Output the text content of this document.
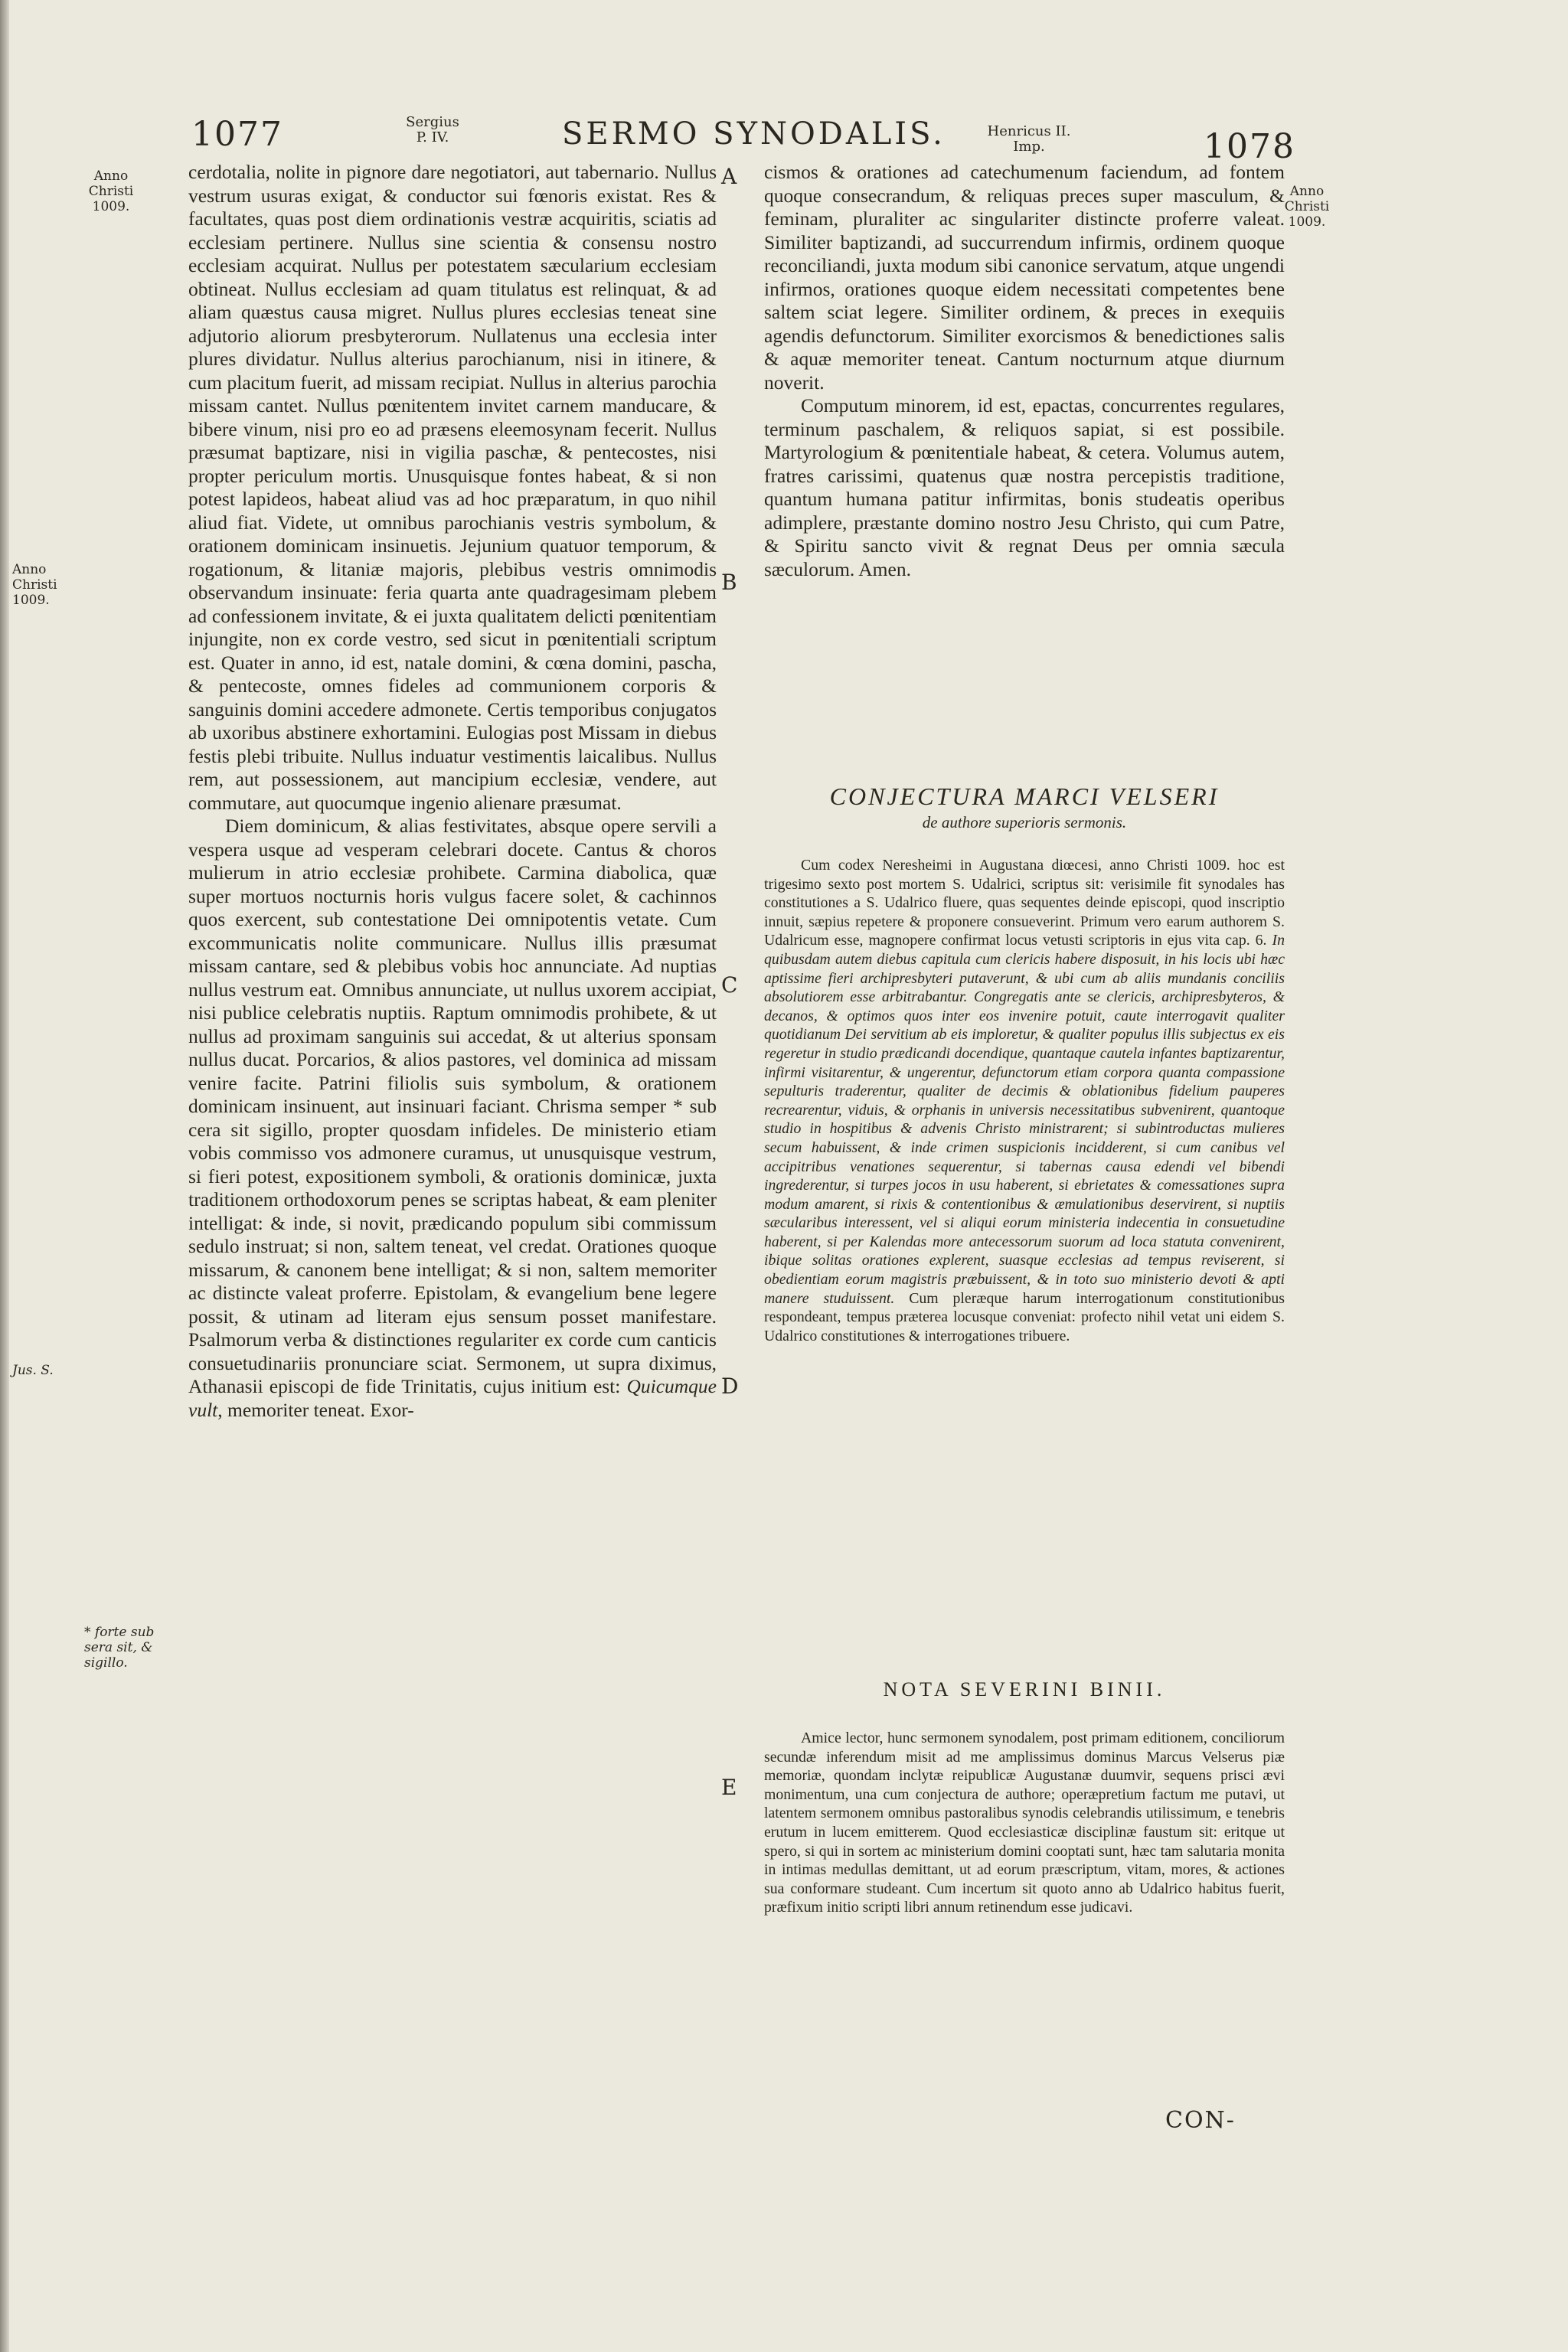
1077	Sergius
P. IV.	SERMO SYNODALIS.	Henricus II.
Imp.	1078
Anno
Christi
1009.
Anno
Christi
1009.
Anno
Christi
1009.
Jus. S.
* forte sub
sera sit, &
sigillo.
A
B
C
D
E

cerdotalia, nolite in pignore dare negotiatori, aut tabernario. Nullus vestrum usuras exigat, & conductor sui fœnoris existat. Res & facultates, quas post diem ordinationis vestræ acquiritis, sciatis ad ecclesiam pertinere. Nullus sine scientia & consensu nostro ecclesiam acquirat. Nullus per potestatem sæcularium ecclesiam obtineat. Nullus ecclesiam ad quam titulatus est relinquat, & ad aliam quæstus causa migret. Nullus plures ecclesias teneat sine adjutorio aliorum presbyterorum. Nullatenus una ecclesia inter plures dividatur. Nullus alterius parochianum, nisi in itinere, & cum placitum fuerit, ad missam recipiat. Nullus in alterius parochia missam cantet. Nullus pœnitentem invitet carnem manducare, & bibere vinum, nisi pro eo ad præsens eleemosynam fecerit. Nullus præsumat baptizare, nisi in vigilia paschæ, & pentecostes, nisi propter periculum mortis. Unusquisque fontes habeat, & si non potest lapideos, habeat aliud vas ad hoc præparatum, in quo nihil aliud fiat. Videte, ut omnibus parochianis vestris symbolum, & orationem dominicam insinuetis. Jejunium quatuor temporum, & rogationum, & litaniæ majoris, plebibus vestris omnimodis observandum insinuate: feria quarta ante quadragesimam plebem ad confessionem invitate, & ei juxta qualitatem delicti pœnitentiam injungite, non ex corde vestro, sed sicut in pœnitentiali scriptum est. Quater in anno, id est, natale domini, & cœna domini, pascha, & pentecoste, omnes fideles ad communionem corporis & sanguinis domini accedere admonete. Certis temporibus conjugatos ab uxoribus abstinere exhortamini. Eulogias post Missam in diebus festis plebi tribuite. Nullus induatur vestimentis laicalibus. Nullus rem, aut possessionem, aut mancipium ecclesiæ, vendere, aut commutare, aut quocumque ingenio alienare præsumat.

Diem dominicum, & alias festivitates, absque opere servili a vespera usque ad vesperam celebrari docete. Cantus & choros mulierum in atrio ecclesiæ prohibete. Carmina diabolica, quæ super mortuos nocturnis horis vulgus facere solet, & cachinnos quos exercent, sub contestatione Dei omnipotentis vetate. Cum excommunicatis nolite communicare. Nullus illis præsumat missam cantare, sed & plebibus vobis hoc annunciate. Ad nuptias nullus vestrum eat. Omnibus annunciate, ut nullus uxorem accipiat, nisi publice celebratis nuptiis. Raptum omnimodis prohibete, & ut nullus ad proximam sanguinis sui accedat, & ut alterius sponsam nullus ducat. Porcarios, & alios pastores, vel dominica ad missam venire facite. Patrini filiolis suis symbolum, & orationem dominicam insinuent, aut insinuari faciant. Chrisma semper * sub cera sit sigillo, propter quosdam infideles. De ministerio etiam vobis commisso vos admonere curamus, ut unusquisque vestrum, si fieri potest, expositionem symboli, & orationis dominicæ, juxta traditionem orthodoxorum penes se scriptas habeat, & eam pleniter intelligat: & inde, si novit, prædicando populum sibi commissum sedulo instruat; si non, saltem teneat, vel credat. Orationes quoque missarum, & canonem bene intelligat; & si non, saltem memoriter ac distincte valeat proferre. Epistolam, & evangelium bene legere possit, & utinam ad literam ejus sensum posset manifestare. Psalmorum verba & distinctiones regulariter ex corde cum canticis consuetudinariis pronunciare sciat. Sermonem, ut supra diximus, Athanasii episcopi de fide Trinitatis, cujus initium est: Quicumque vult, memoriter teneat. Exor-

cismos & orationes ad catechumenum faciendum, ad fontem quoque consecrandum, & reliquas preces super masculum, & feminam, pluraliter ac singulariter distincte proferre valeat. Similiter baptizandi, ad succurrendum infirmis, ordinem quoque reconciliandi, juxta modum sibi canonice servatum, atque ungendi infirmos, orationes quoque eidem necessitati competentes bene saltem sciat legere. Similiter ordinem, & preces in exequiis agendis defunctorum. Similiter exorcismos & benedictiones salis & aquæ memoriter teneat. Cantum nocturnum atque diurnum noverit.

Computum minorem, id est, epactas, concurrentes regulares, terminum paschalem, & reliquos sapiat, si est possibile. Martyrologium & pœnitentiale habeat, & cetera. Volumus autem, fratres carissimi, quatenus quæ nostra percepistis traditione, quantum humana patitur infirmitas, bonis studeatis operibus adimplere, præstante domino nostro Jesu Christo, qui cum Patre, & Spiritu sancto vivit & regnat Deus per omnia sæcula sæculorum. Amen.

CONJECTURA MARCI VELSERI
de authore superioris sermonis.

Cum codex Neresheimi in Augustana diœcesi, anno Christi 1009. hoc est trigesimo sexto post mortem S. Udalrici, scriptus sit: verisimile fit synodales has constitutiones a S. Udalrico fluere, quas sequentes deinde episcopi, quod inscriptio innuit, sæpius repetere & proponere consueverint. Primum vero earum authorem S. Udalricum esse, magnopere confirmat locus vetusti scriptoris in ejus vita cap. 6. In quibusdam autem diebus capitula cum clericis habere disposuit, in his locis ubi hæc aptissime fieri archipresbyteri putaverunt, & ubi cum ab aliis mundanis conciliis absolutiorem esse arbitrabantur. Congregatis ante se clericis, archipresbyteros, & decanos, & optimos quos inter eos invenire potuit, caute interrogavit qualiter quotidianum Dei servitium ab eis imploretur, & qualiter populus illis subjectus ex eis regeretur in studio prædicandi docendique, quantaque cautela infantes baptizarentur, infirmi visitarentur, & ungerentur, defunctorum etiam corpora quanta compassione sepulturis traderentur, qualiter de decimis & oblationibus fidelium pauperes recrearentur, viduis, & orphanis in universis necessitatibus subvenirent, quantoque studio in hospitibus & advenis Christo ministrarent; si subintroductas mulieres secum habuissent, & inde crimen suspicionis incidderent, si cum canibus vel accipitribus venationes sequerentur, si tabernas causa edendi vel bibendi ingrederentur, si turpes jocos in usu haberent, si ebrietates & comessationes supra modum amarent, si rixis & contentionibus & æmulationibus deservirent, si nuptiis sæcularibus interessent, vel si aliqui eorum ministeria indecentia in consuetudine haberent, si per Kalendas more antecessorum suorum ad loca statuta convenirent, ibique solitas orationes explerent, suasque ecclesias ad tempus reviserent, si obedientiam eorum magistris præbuissent, & in toto suo ministerio devoti & apti manere studuissent. Cum pleræque harum interrogationum constitutionibus respondeant, tempus præterea locusque conveniat: profecto nihil vetat uni eidem S. Udalrico constitutiones & interrogationes tribuere.

NOTA SEVERINI BINII.

Amice lector, hunc sermonem synodalem, post primam editionem, conciliorum secundæ inferendum misit ad me amplissimus dominus Marcus Velserus piæ memoriæ, quondam inclytæ reipublicæ Augustanæ duumvir, sequens prisci ævi monimentum, una cum conjectura de authore; operæpretium factum me putavi, ut latentem sermonem omnibus pastoralibus synodis celebrandis utilissimum, e tenebris erutum in lucem emitterem. Quod ecclesiasticæ disciplinæ faustum sit: eritque ut spero, si qui in sortem ac ministerium domini cooptati sunt, hæc tam salutaria monita in intimas medullas demittant, ut ad eorum præscriptum, vitam, mores, & actiones sua conformare studeant. Cum incertum sit quoto anno ab Udalrico habitus fuerit, præfixum initio scripti libri annum retinendum esse judicavi.

CON-
